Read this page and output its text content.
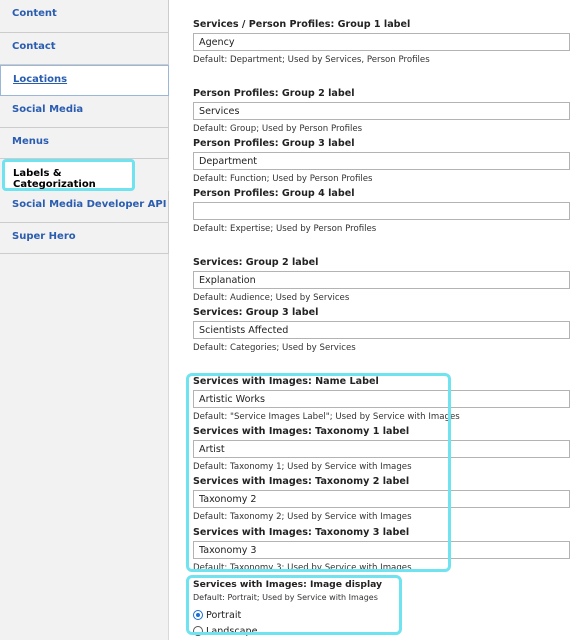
Content
Contact
Locations
Social Media
Menus
Labels & Categorization
Social Media Developer API
Super Hero
Services / Person Profiles: Group 1 label
Agency
Default: Department; Used by Services, Person Profiles
Person Profiles: Group 2 label
Services
Default: Group; Used by Person Profiles
Person Profiles: Group 3 label
Department
Default: Function; Used by Person Profiles
Person Profiles: Group 4 label
Default: Expertise; Used by Person Profiles
Services: Group 2 label
Explanation
Default: Audience; Used by Services
Services: Group 3 label
Scientists Affected
Default: Categories; Used by Services
Services with Images: Name Label
Artistic Works
Default: "Service Images Label"; Used by Service with Images
Services with Images: Taxonomy 1 label
Artist
Default: Taxonomy 1; Used by Service with Images
Services with Images: Taxonomy 2 label
Taxonomy 2
Default: Taxonomy 2; Used by Service with Images
Services with Images: Taxonomy 3 label
Taxonomy 3
Default: Taxonomy 3; Used by Service with Images
Services with Images: Image display
Default: Portrait; Used by Service with Images
Portrait
Landscape
